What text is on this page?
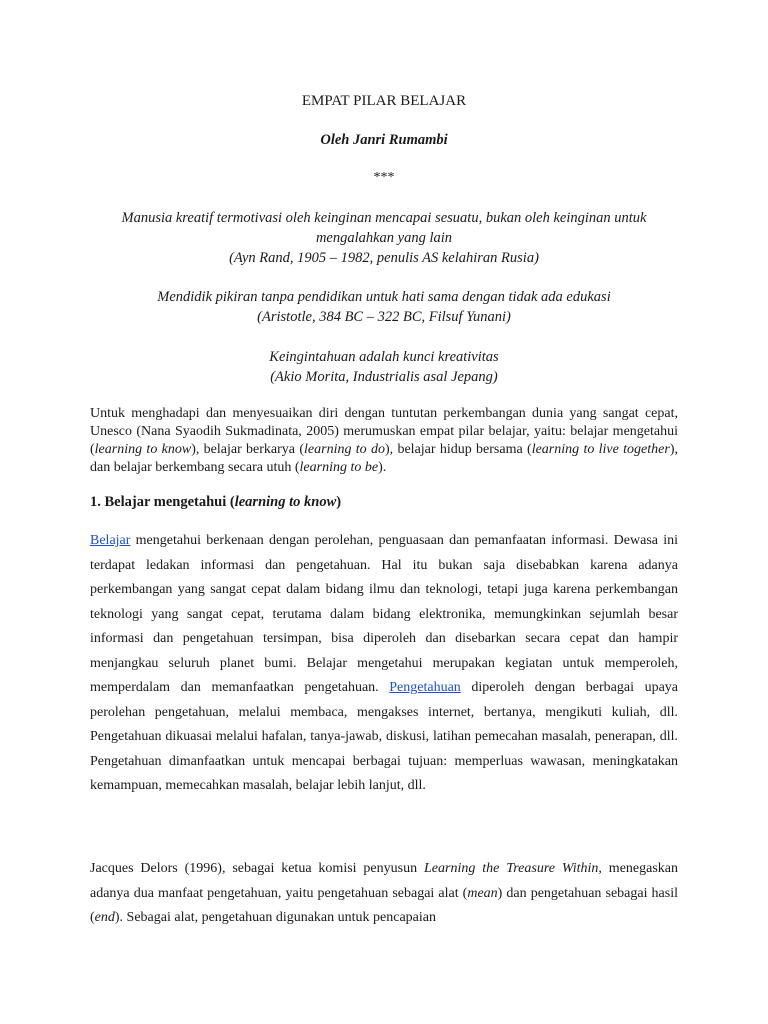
EMPAT PILAR BELAJAR
Oleh Janri Rumambi
***
Manusia kreatif termotivasi oleh keinginan mencapai sesuatu, bukan oleh keinginan untuk mengalahkan yang lain
(Ayn Rand, 1905 – 1982, penulis AS kelahiran Rusia)
Mendidik pikiran tanpa pendidikan untuk hati sama dengan tidak ada edukasi
(Aristotle, 384 BC – 322 BC, Filsuf Yunani)
Keingintahuan adalah kunci kreativitas
(Akio Morita, Industrialis asal Jepang)
Untuk menghadapi dan menyesuaikan diri dengan tuntutan perkembangan dunia yang sangat cepat, Unesco (Nana Syaodih Sukmadinata, 2005) merumuskan empat pilar belajar, yaitu: belajar mengetahui (learning to know), belajar berkarya (learning to do), belajar hidup bersama (learning to live together), dan belajar berkembang secara utuh (learning to be).
1. Belajar mengetahui (learning to know)
Belajar mengetahui berkenaan dengan perolehan, penguasaan dan pemanfaatan informasi. Dewasa ini terdapat ledakan informasi dan pengetahuan. Hal itu bukan saja disebabkan karena adanya perkembangan yang sangat cepat dalam bidang ilmu dan teknologi, tetapi juga karena perkembangan teknologi yang sangat cepat, terutama dalam bidang elektronika, memungkinkan sejumlah besar informasi dan pengetahuan tersimpan, bisa diperoleh dan disebarkan secara cepat dan hampir menjangkau seluruh planet bumi. Belajar mengetahui merupakan kegiatan untuk memperoleh, memperdalam dan memanfaatkan pengetahuan. Pengetahuan diperoleh dengan berbagai upaya perolehan pengetahuan, melalui membaca, mengakses internet, bertanya, mengikuti kuliah, dll. Pengetahuan dikuasai melalui hafalan, tanya-jawab, diskusi, latihan pemecahan masalah, penerapan, dll. Pengetahuan dimanfaatkan untuk mencapai berbagai tujuan: memperluas wawasan, meningkatakan kemampuan, memecahkan masalah, belajar lebih lanjut, dll.
Jacques Delors (1996), sebagai ketua komisi penyusun Learning the Treasure Within, menegaskan adanya dua manfaat pengetahuan, yaitu pengetahuan sebagai alat (mean) dan pengetahuan sebagai hasil (end). Sebagai alat, pengetahuan digunakan untuk pencapaian
